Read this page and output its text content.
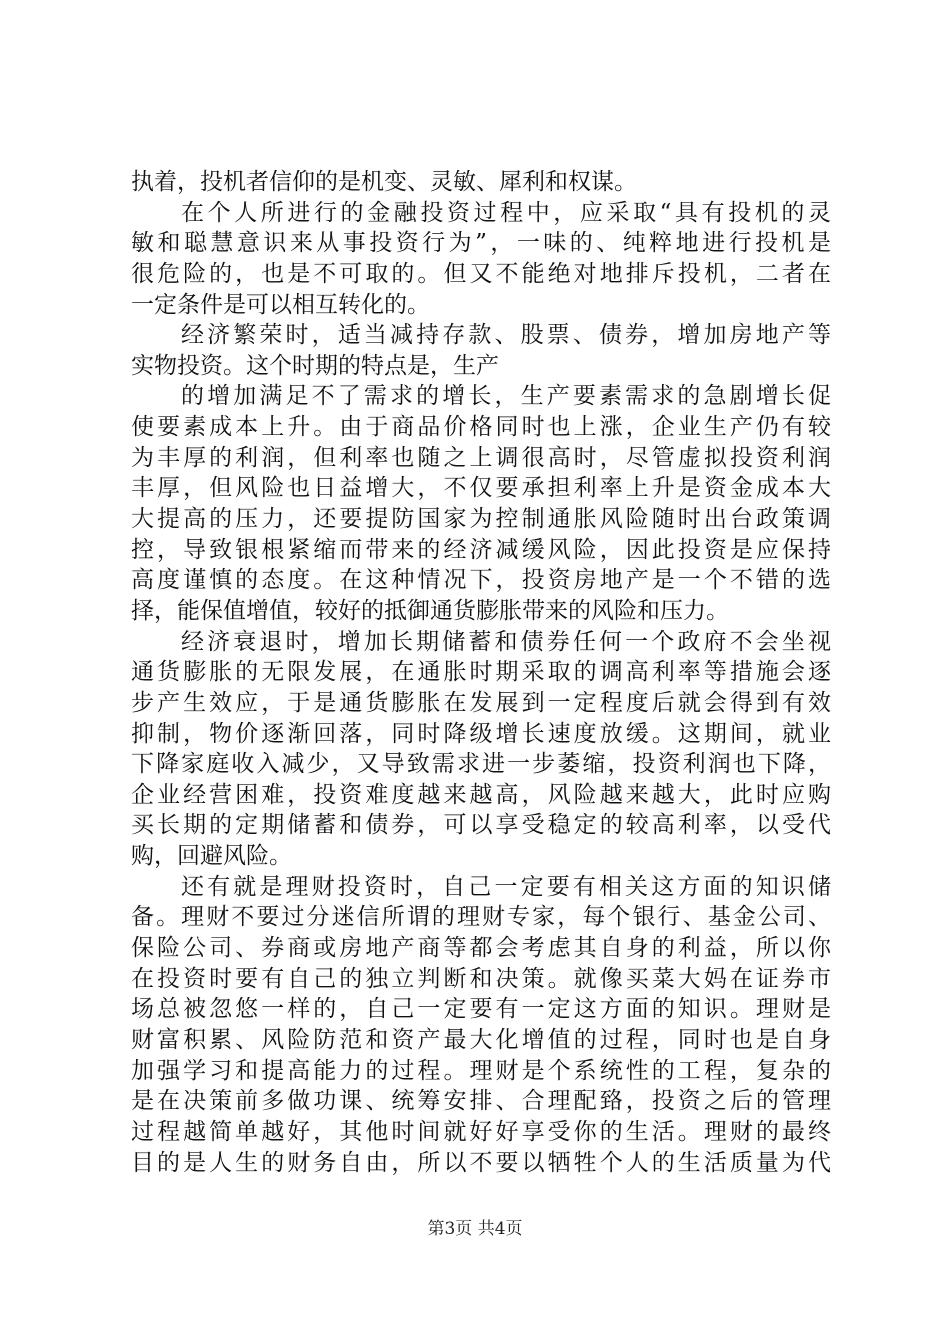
执着，投机者信仰的是机变、灵敏、犀利和权谋。
在个人所进行的金融投资过程中，应采取“具有投机的灵
敏和聪慧意识来从事投资行为”，一味的、纯粹地进行投机是
很危险的，也是不可取的。但又不能绝对地排斥投机，二者在
一定条件是可以相互转化的。
经济繁荣时，适当减持存款、股票、债券，增加房地产等
实物投资。这个时期的特点是，生产
的增加满足不了需求的增长，生产要素需求的急剧增长促
使要素成本上升。由于商品价格同时也上涨，企业生产仍有较
为丰厚的利润，但利率也随之上调很高时，尽管虚拟投资利润
丰厚，但风险也日益增大，不仅要承担利率上升是资金成本大
大提高的压力，还要提防国家为控制通胀风险随时出台政策调
控，导致银根紧缩而带来的经济减缓风险，因此投资是应保持
高度谨慎的态度。在这种情况下，投资房地产是一个不错的选
择，能保值增值，较好的抵御通货膨胀带来的风险和压力。
经济衰退时，增加长期储蓄和债券任何一个政府不会坐视
通货膨胀的无限发展，在通胀时期采取的调高利率等措施会逐
步产生效应，于是通货膨胀在发展到一定程度后就会得到有效
抑制，物价逐渐回落，同时降级增长速度放缓。这期间，就业
下降家庭收入减少，又导致需求进一步萎缩，投资利润也下降，
企业经营困难，投资难度越来越高，风险越来越大，此时应购
买长期的定期储蓄和债券，可以享受稳定的较高利率，以受代
购，回避风险。
还有就是理财投资时，自己一定要有相关这方面的知识储
备。理财不要过分迷信所谓的理财专家，每个银行、基金公司、
保险公司、券商或房地产商等都会考虑其自身的利益，所以你
在投资时要有自己的独立判断和决策。就像买菜大妈在证券市
场总被忽悠一样的，自己一定要有一定这方面的知识。理财是
财富积累、风险防范和资产最大化增值的过程，同时也是自身
加强学习和提高能力的过程。理财是个系统性的工程，复杂的
是在决策前多做功课、统筹安排、合理配臵，投资之后的管理
过程越简单越好，其他时间就好好享受你的生活。理财的最终
目的是人生的财务自由，所以不要以牺牲个人的生活质量为代
第3页 共4页
